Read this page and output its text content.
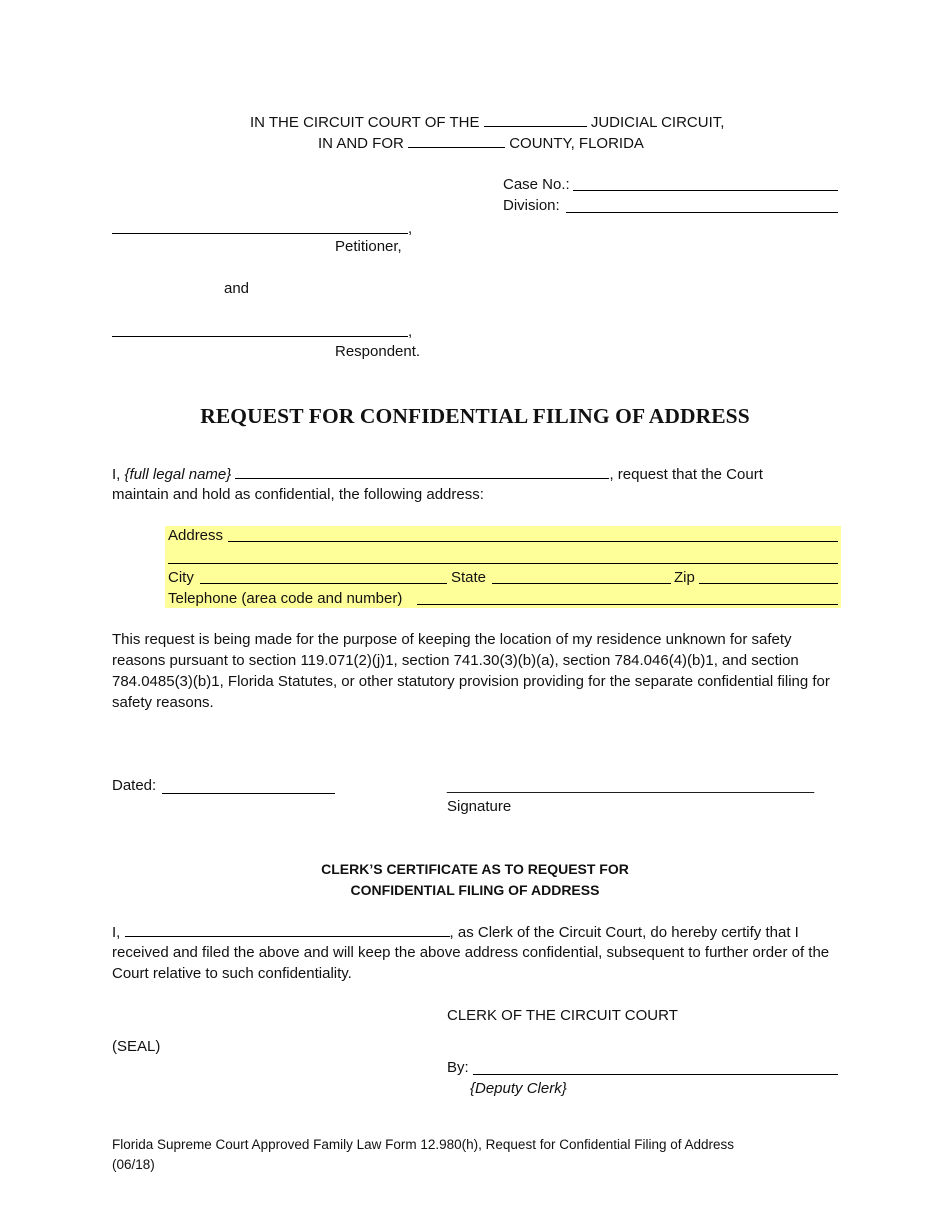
IN THE CIRCUIT COURT OF THE	JUDICIAL CIRCUIT,
IN AND FOR	COUNTY, FLORIDA
Case No.:
Division:
,
Petitioner,
and
,
Respondent.
REQUEST FOR CONFIDENTIAL FILING OF ADDRESS
I, {full legal name}	, request that the Court
maintain and hold as confidential, the following address:
Address
City	State	Zip
Telephone (area code and number)
This request is being made for the purpose of keeping the location of my residence unknown for safety reasons pursuant to section 119.071(2)(j)1, section 741.30(3)(b)(a), section 784.046(4)(b)1, and section 784.0485(3)(b)1, Florida Statutes, or other statutory provision providing for the separate confidential filing for safety reasons.
Dated:	____________________________________________
Signature
CLERK’S CERTIFICATE AS TO REQUEST FOR
CONFIDENTIAL FILING OF ADDRESS
I,	, as Clerk of the Circuit Court, do hereby certify that I
received and filed the above and will keep the above address confidential, subsequent to further order of the Court relative to such confidentiality.
CLERK OF THE CIRCUIT COURT
(SEAL)
By:
{Deputy Clerk}
Florida Supreme Court Approved Family Law Form 12.980(h), Request for Confidential Filing of Address
(06/18)
